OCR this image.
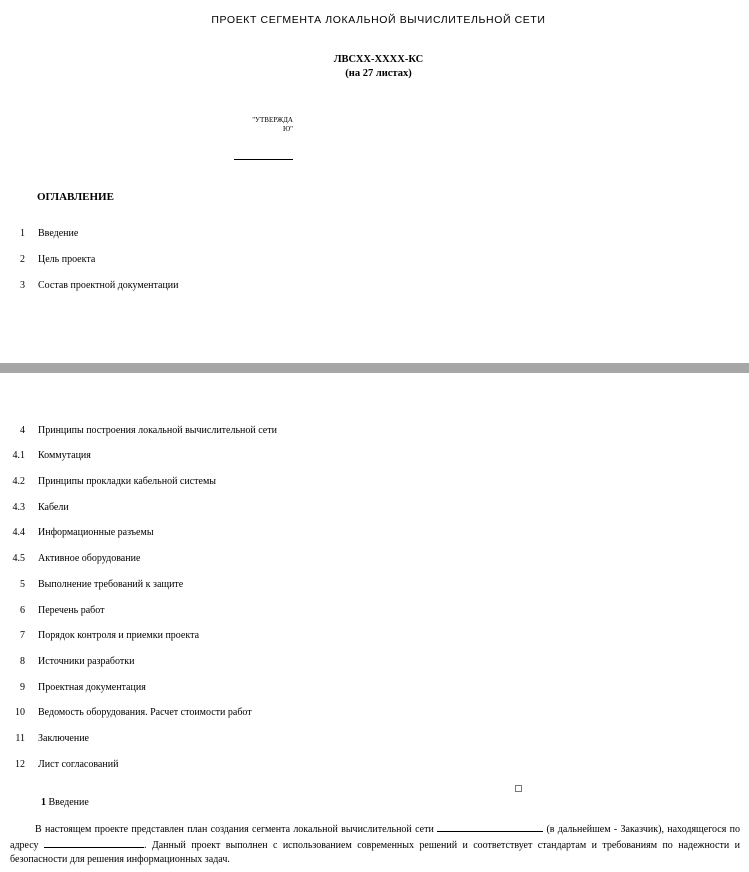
ПРОЕКТ СЕГМЕНТА ЛОКАЛЬНОЙ ВЫЧИСЛИТЕЛЬНОЙ СЕТИ
ЛВСХХ-ХХХХ-КС
(на 27 листах)
"УТВЕРЖДА
Ю"
ОГЛАВЛЕНИЕ
1 Введение
2 Цель проекта
3 Состав проектной документации
4 Принципы построения локальной вычислительной сети
4.1 Коммутация
4.2 Принципы прокладки кабельной системы
4.3 Кабели
4.4 Информационные разъемы
4.5 Активное оборудование
5 Выполнение требований к защите
6 Перечень работ
7 Порядок контроля и приемки проекта
8 Источники разработки
9 Проектная документация
10 Ведомость оборудования. Расчет стоимости работ
11 Заключение
12 Лист согласований
1 Введение
В настоящем проекте представлен план создания сегмента локальной вычислительной сети	(в дальнейшем - Заказчик), находящегося по адресу	. Данный проект выполнен с использованием современных решений и соответствует стандартам и требованиям по надежности и безопасности для решения информационных задач.
